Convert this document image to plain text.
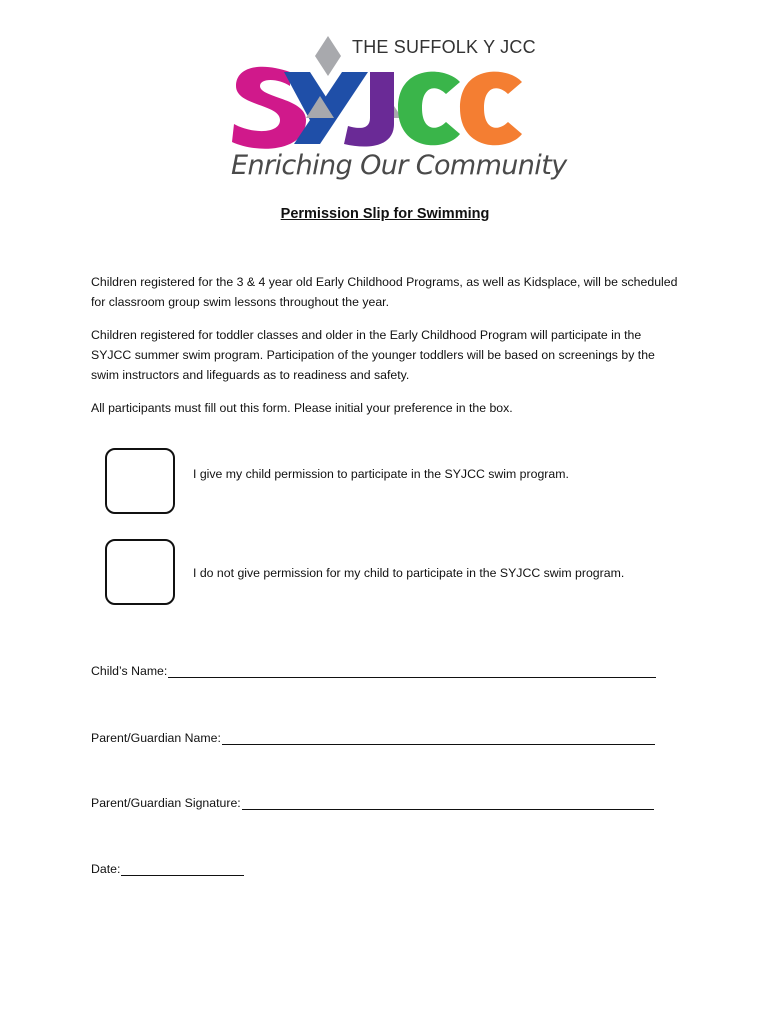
THE SUFFOLK Y JCC
Enriching Our Community
Permission Slip for Swimming
Children registered for the 3 & 4 year old Early Childhood Programs, as well as Kidsplace, will be scheduled for classroom group swim lessons throughout the year.
Children registered for toddler classes and older in the Early Childhood Program will participate in the SYJCC summer swim program. Participation of the younger toddlers will be based on screenings by the swim instructors and lifeguards as to readiness and safety.
All participants must fill out this form. Please initial your preference in the box.
I give my child permission to participate in the SYJCC swim program.
I do not give permission for my child to participate in the SYJCC swim program.
Child’s Name:
Parent/Guardian Name:
Parent/Guardian Signature:
Date:
